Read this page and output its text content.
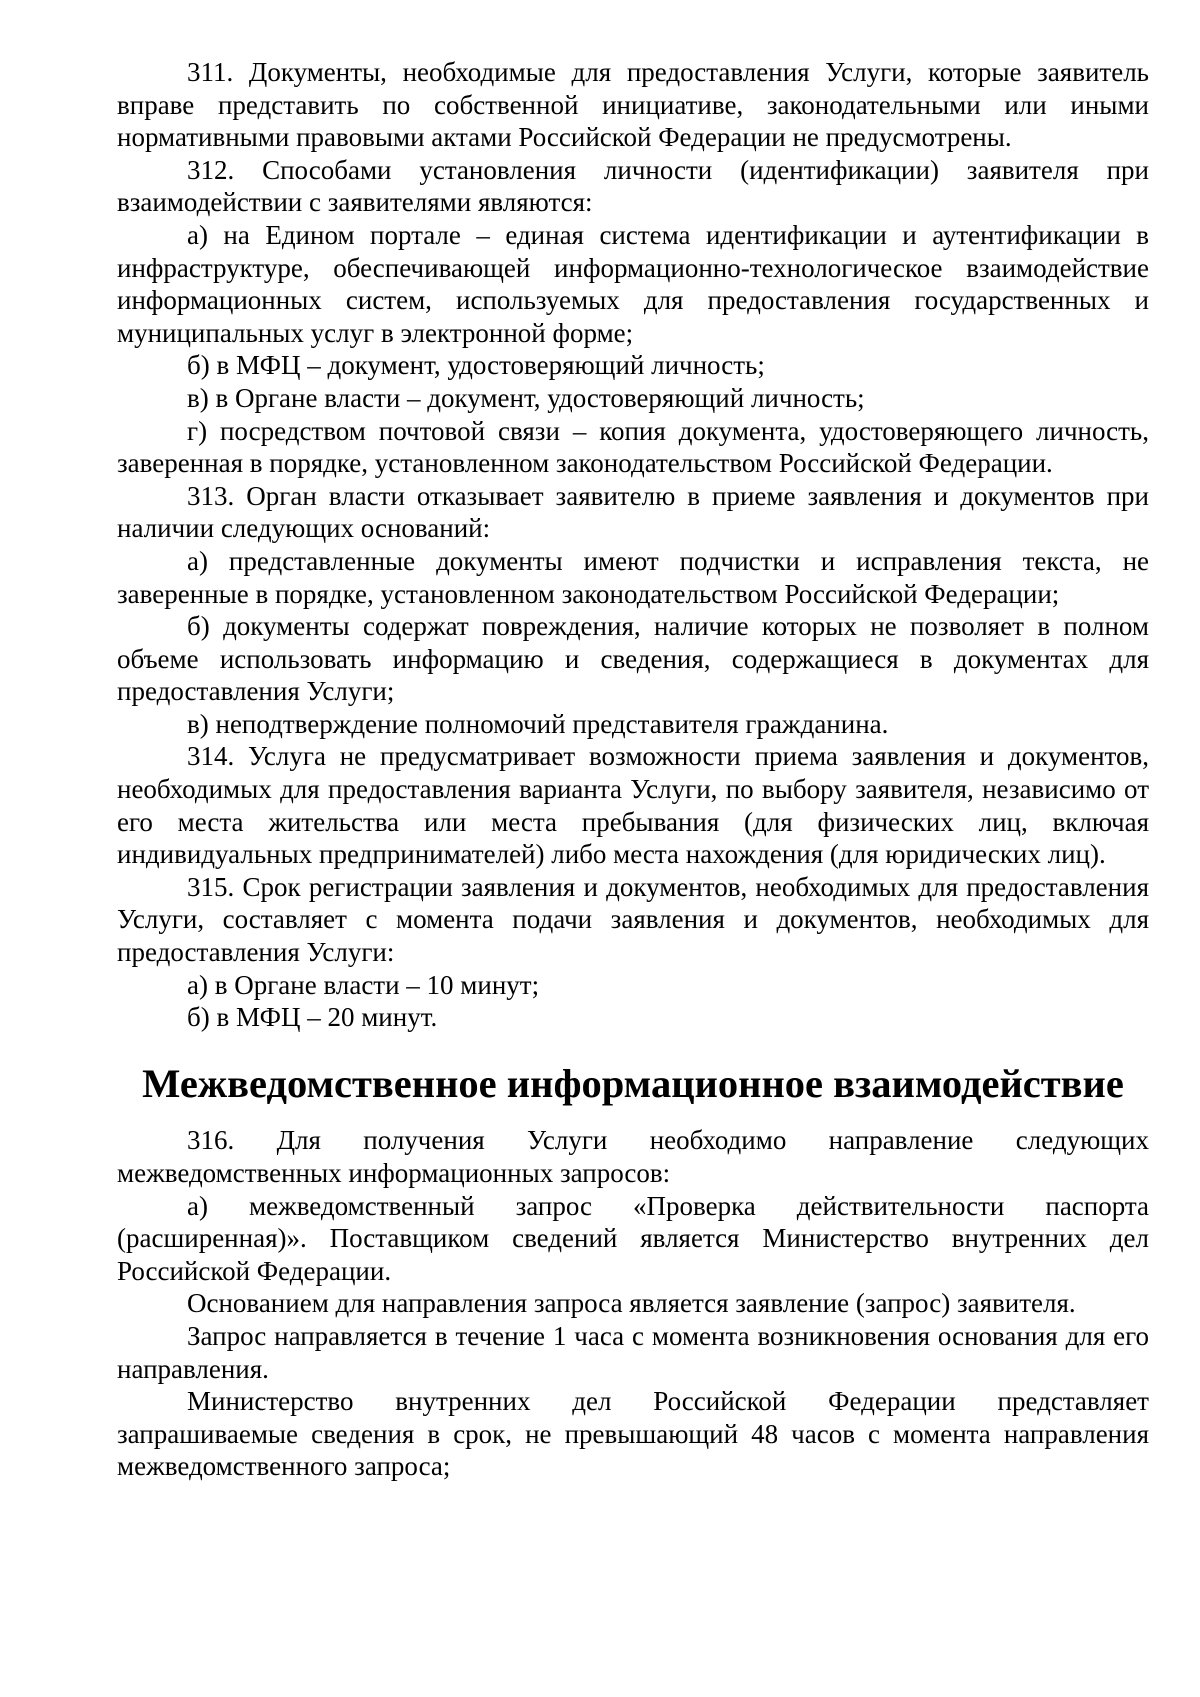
311. Документы, необходимые для предоставления Услуги, которые заявитель вправе представить по собственной инициативе, законодательными или иными нормативными правовыми актами Российской Федерации не предусмотрены.

312. Способами установления личности (идентификации) заявителя при взаимодействии с заявителями являются:

а) на Едином портале – единая система идентификации и аутентификации в инфраструктуре, обеспечивающей информационно-технологическое взаимодействие информационных систем, используемых для предоставления государственных и муниципальных услуг в электронной форме;

б) в МФЦ – документ, удостоверяющий личность;

в) в Органе власти – документ, удостоверяющий личность;

г) посредством почтовой связи – копия документа, удостоверяющего личность, заверенная в порядке, установленном законодательством Российской Федерации.

313. Орган власти отказывает заявителю в приеме заявления и документов при наличии следующих оснований:

а) представленные документы имеют подчистки и исправления текста, не заверенные в порядке, установленном законодательством Российской Федерации;

б) документы содержат повреждения, наличие которых не позволяет в полном объеме использовать информацию и сведения, содержащиеся в документах для предоставления Услуги;

в) неподтверждение полномочий представителя гражданина.

314. Услуга не предусматривает возможности приема заявления и документов, необходимых для предоставления варианта Услуги, по выбору заявителя, независимо от его места жительства или места пребывания (для физических лиц, включая индивидуальных предпринимателей) либо места нахождения (для юридических лиц).

315. Срок регистрации заявления и документов, необходимых для предоставления Услуги, составляет с момента подачи заявления и документов, необходимых для предоставления Услуги:

а) в Органе власти – 10 минут;

б) в МФЦ – 20 минут.

Межведомственное информационное взаимодействие

316. Для получения Услуги необходимо направление следующих межведомственных информационных запросов:

а) межведомственный запрос «Проверка действительности паспорта (расширенная)». Поставщиком сведений является Министерство внутренних дел Российской Федерации.

Основанием для направления запроса является заявление (запрос) заявителя.

Запрос направляется в течение 1 часа с момента возникновения основания для его направления.

Министерство внутренних дел Российской Федерации представляет запрашиваемые сведения в срок, не превышающий 48 часов с момента направления межведомственного запроса;
